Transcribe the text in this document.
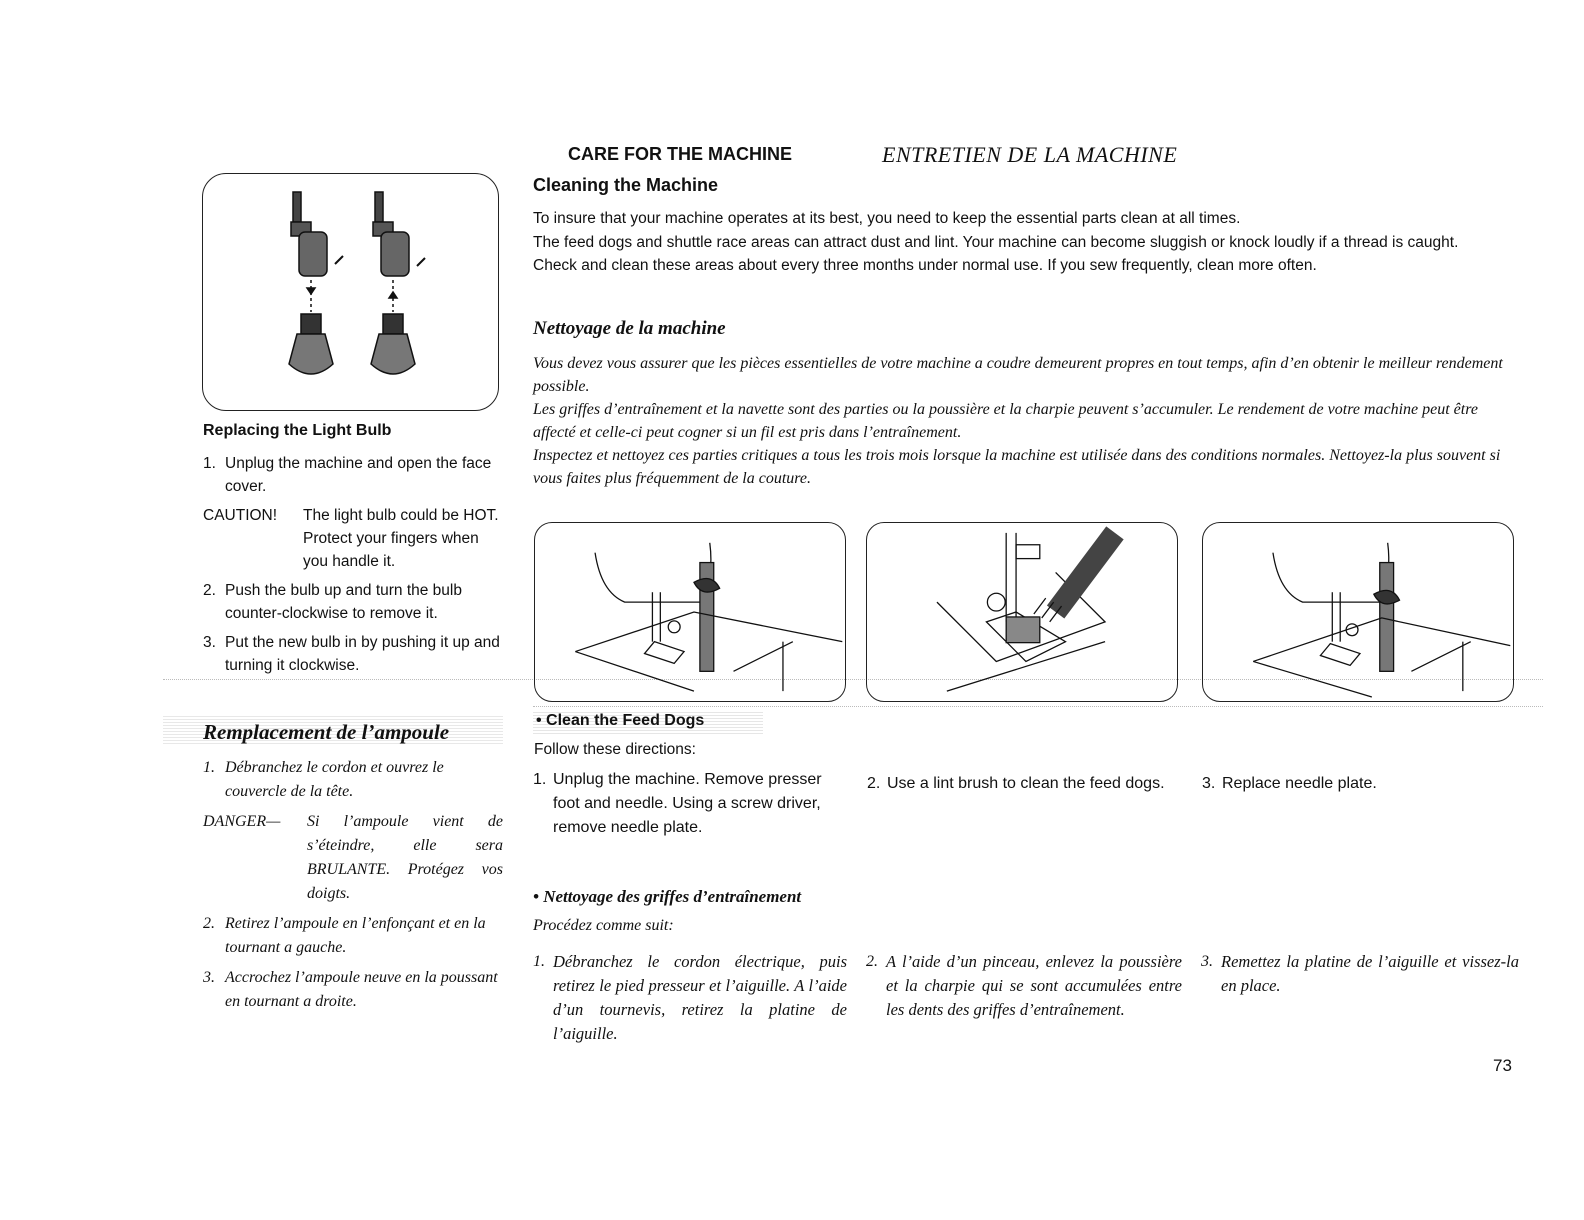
CARE FOR THE MACHINE	ENTRETIEN DE LA MACHINE
Cleaning the Machine

To insure that your machine operates at its best, you need to keep the essential parts clean at all times.

The feed dogs and shuttle race areas can attract dust and lint. Your machine can become sluggish or knock loudly if a thread is caught.

Check and clean these areas about every three months under normal use. If you sew frequently, clean more often.

Nettoyage de la machine

Vous devez vous assurer que les pièces essentielles de votre machine a coudre demeurent propres en tout temps, afin d’en obtenir le meilleur rendement possible.

Les griffes d’entraînement et la navette sont des parties ou la poussière et la charpie peuvent s’accumuler. Le rendement de votre machine peut être affecté et celle-ci peut cogner si un fil est pris dans l’entraînement.

Inspectez et nettoyez ces parties critiques a tous les trois mois lorsque la machine est utilisée dans des conditions normales. Nettoyez-la plus souvent si vous faites plus fréquemment de la couture.

Replacing the Light Bulb
1. Unplug the machine and open the face cover.
CAUTION!	The light bulb could be HOT. Protect your fingers when you handle it.
2. Push the bulb up and turn the bulb counter-clockwise to remove it.
3. Put the new bulb in by pushing it up and turning it clockwise.
Remplacement de l’ampoule
1. Débranchez le cordon et ouvrez le couvercle de la tête.
DANGER—	Si l’ampoule vient de s’éteindre, elle sera BRULANTE. Protégez vos doigts.
2. Retirez l’ampoule en l’enfonçant et en la tournant a gauche.
3. Accrochez l’ampoule neuve en la poussant en tournant a droite.
• Clean the Feed Dogs
Follow these directions:
1. Unplug the machine. Remove presser foot and needle. Using a screw driver, remove needle plate.
2. Use a lint brush to clean the feed dogs.	3. Replace needle plate.
• Nettoyage des griffes d’entraînement
Procédez comme suit:
1. Débranchez le cordon électrique, puis retirez le pied presseur et l’aiguille. A l’aide d’un tournevis, retirez la platine de l’aiguille.
2. A l’aide d’un pinceau, enlevez la poussière et la charpie qui se sont accumulées entre les dents des griffes d’entraînement.
3. Remettez la platine de l’aiguille et vissez-la en place.
73
